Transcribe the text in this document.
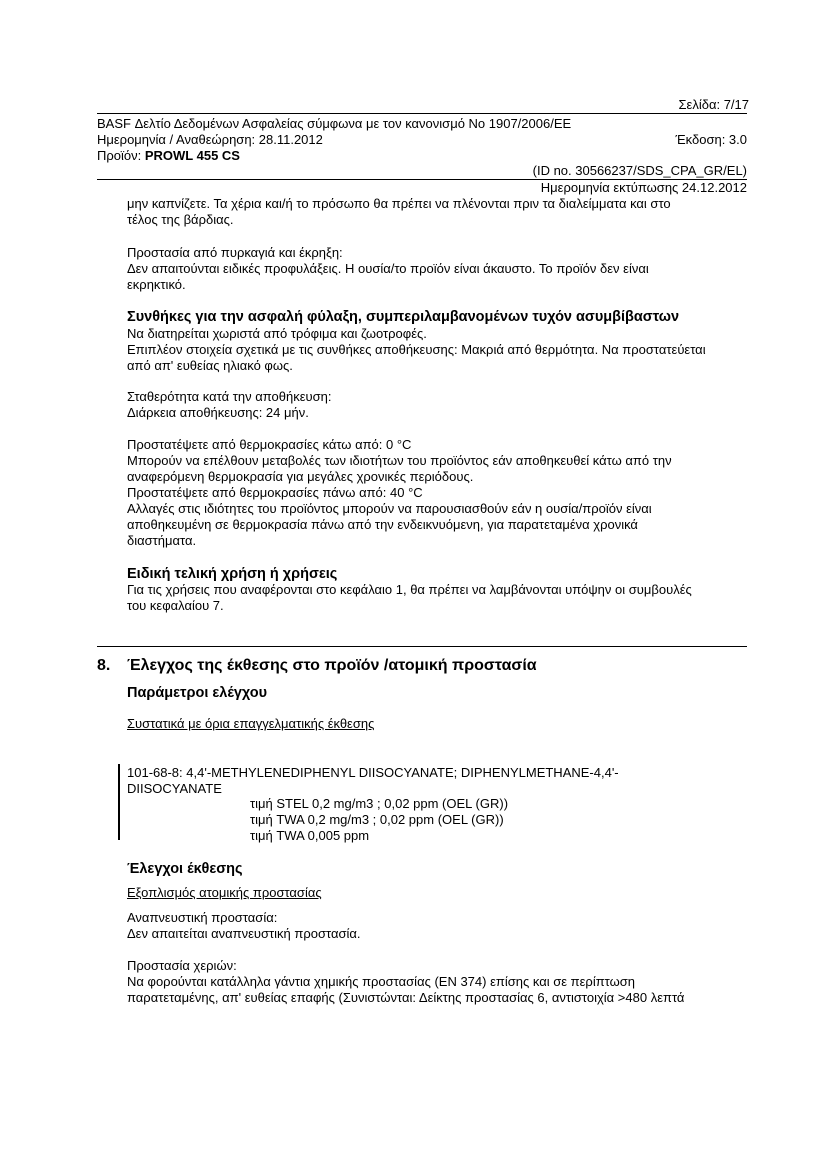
Σελίδα: 7/17
BASF Δελτίο Δεδομένων Ασφαλείας σύμφωνα με τον κανονισμό Νο 1907/2006/ΕΕ
Ημερομηνία / Αναθεώρηση: 28.11.2012	Έκδοση: 3.0
Προϊόν: PROWL 455 CS
(ID no. 30566237/SDS_CPA_GR/EL)
Ημερομηνία εκτύπωσης 24.12.2012
μην καπνίζετε. Τα χέρια και/ή το πρόσωπο θα πρέπει να πλένονται πριν τα διαλείμματα και στο
τέλος της βάρδιας.
Προστασία από πυρκαγιά και έκρηξη:
Δεν απαιτούνται ειδικές προφυλάξεις. Η ουσία/το προϊόν είναι άκαυστο. Το προϊόν δεν είναι
εκρηκτικό.
Συνθήκες για την ασφαλή φύλαξη, συμπεριλαμβανομένων τυχόν ασυμβίβαστων
Να διατηρείται χωριστά από τρόφιμα και ζωοτροφές.
Επιπλέον στοιχεία σχετικά με τις συνθήκες αποθήκευσης: Μακριά από θερμότητα. Να προστατεύεται
από απ' ευθείας ηλιακό φως.
Σταθερότητα κατά την αποθήκευση:
Διάρκεια αποθήκευσης: 24 μήν.
Προστατέψετε από θερμοκρασίες κάτω από: 0 °C
Μπορούν να επέλθουν μεταβολές των ιδιοτήτων του προϊόντος εάν αποθηκευθεί κάτω από την
αναφερόμενη θερμοκρασία για μεγάλες χρονικές περιόδους.
Προστατέψετε από θερμοκρασίες πάνω από: 40 °C
Αλλαγές στις ιδιότητες του προϊόντος μπορούν να παρουσιασθούν εάν η ουσία/προϊόν είναι
αποθηκευμένη σε θερμοκρασία πάνω από την ενδεικνυόμενη, για παρατεταμένα χρονικά
διαστήματα.
Ειδική τελική χρήση ή χρήσεις
Για τις χρήσεις που αναφέρονται στο κεφάλαιο 1, θα πρέπει να λαμβάνονται υπόψην οι συμβουλές
του κεφαλαίου 7.
8. Έλεγχος της έκθεσης στο προϊόν /ατομική προστασία
Παράμετροι ελέγχου
Συστατικά με όρια επαγγελματικής έκθεσης
101-68-8: 4,4'-METHYLENEDIPHENYL DIISOCYANATE; DIPHENYLMETHANE-4,4'-
DIISOCYANATE
τιμή STEL 0,2 mg/m3 ; 0,02 ppm (OEL (GR))
τιμή TWA 0,2 mg/m3 ; 0,02 ppm (OEL (GR))
τιμή TWA 0,005 ppm
Έλεγχοι έκθεσης
Εξοπλισμός ατομικής προστασίας
Αναπνευστική προστασία:
Δεν απαιτείται αναπνευστική προστασία.
Προστασία χεριών:
Να φορούνται κατάλληλα γάντια χημικής προστασίας (EN 374) επίσης και σε περίπτωση
παρατεταμένης, απ' ευθείας επαφής (Συνιστώνται: Δείκτης προστασίας 6, αντιστοιχία >480 λεπτά
